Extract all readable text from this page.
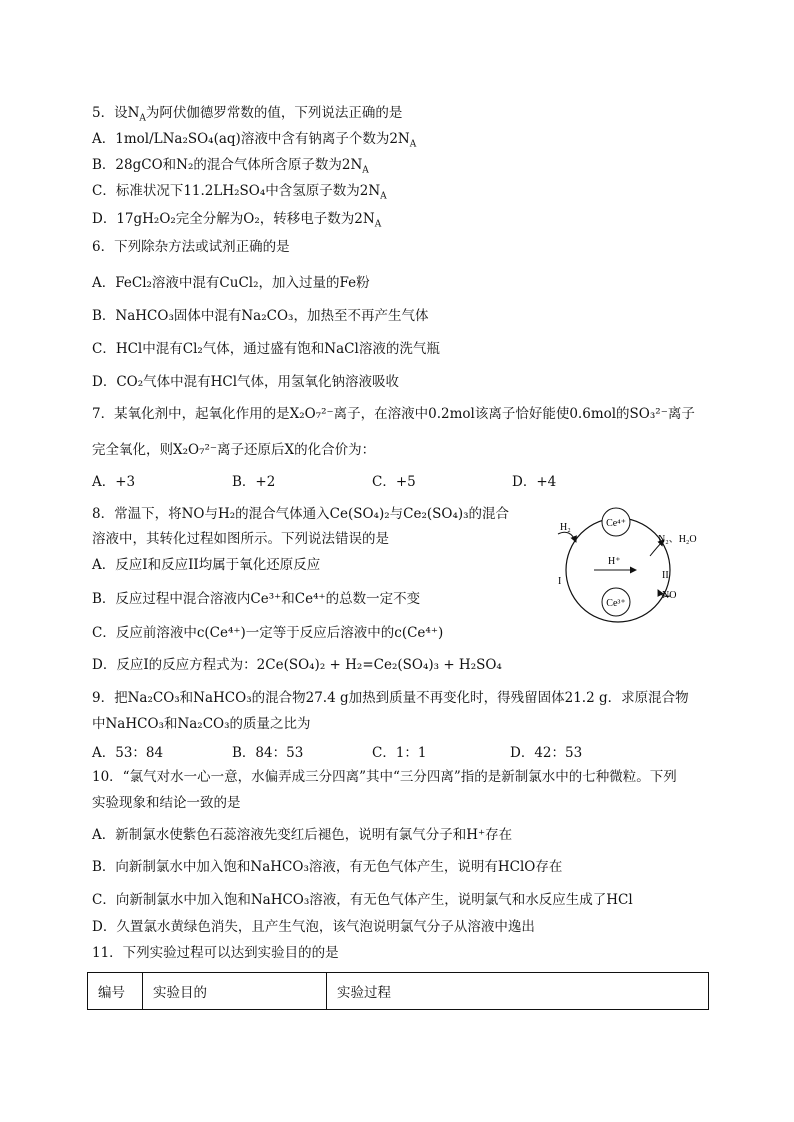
5．设$N_A$为阿伏伽德罗常数的值，下列说法正确的是
A．1mol/LNa₂SO₄(aq)溶液中含有钠离子个数为$2N_A$
B．28gCO和N₂的混合气体所含原子数为$2N_A$
C．标准状况下11.2LH₂SO₄中含氢原子数为$2N_A$
D．17gH₂O₂完全分解为O₂，转移电子数为$2N_A$
6．下列除杂方法或试剂正确的是
A．FeCl₂溶液中混有CuCl₂，加入过量的Fe粉
B．NaHCO₃固体中混有Na₂CO₃，加热至不再产生气体
C．HCl中混有Cl₂气体，通过盛有饱和NaCl溶液的洗气瓶
D．CO₂气体中混有HCl气体，用氢氧化钠溶液吸收
7．某氧化剂中，起氧化作用的是X₂O₇²⁻离子，在溶液中0.2mol该离子恰好能使0.6mol的SO₃²⁻离子
完全氧化，则X₂O₇²⁻离子还原后X的化合价为：
A．+3	B．+2	C．+5	D．+4
8．常温下，将NO与H₂的混合气体通入Ce(SO₄)₂与Ce₂(SO₄)₃的混合
溶液中，其转化过程如图所示。下列说法错误的是
A．反应I和反应II均属于氧化还原反应
B．反应过程中混合溶液内Ce³⁺和Ce⁴⁺的总数一定不变
C．反应前溶液中c(Ce⁴⁺)一定等于反应后溶液中的c(Ce⁴⁺)
D．反应I的反应方程式为：2Ce(SO₄)₂ + H₂=Ce₂(SO₄)₃ + H₂SO₄
Ce⁴⁺
Ce³⁺
H₂
H⁺
N₂、H₂O
NO
I
II
9．把Na₂CO₃和NaHCO₃的混合物27.4 g加热到质量不再变化时，得残留固体21.2 g．求原混合物
中NaHCO₃和Na₂CO₃的质量之比为
A．53：84	B．84：53	C．1：1	D．42：53
10．“氯气对水一心一意，水偏弄成三分四离”其中“三分四离”指的是新制氯水中的七种微粒。下列
实验现象和结论一致的是
A．新制氯水使紫色石蕊溶液先变红后褪色，说明有氯气分子和H⁺存在
B．向新制氯水中加入饱和NaHCO₃溶液，有无色气体产生，说明有HClO存在
C．向新制氯水中加入饱和NaHCO₃溶液，有无色气体产生，说明氯气和水反应生成了HCl
D．久置氯水黄绿色消失，且产生气泡，该气泡说明氯气分子从溶液中逸出
11．下列实验过程可以达到实验目的的是
编号	实验目的	实验过程
